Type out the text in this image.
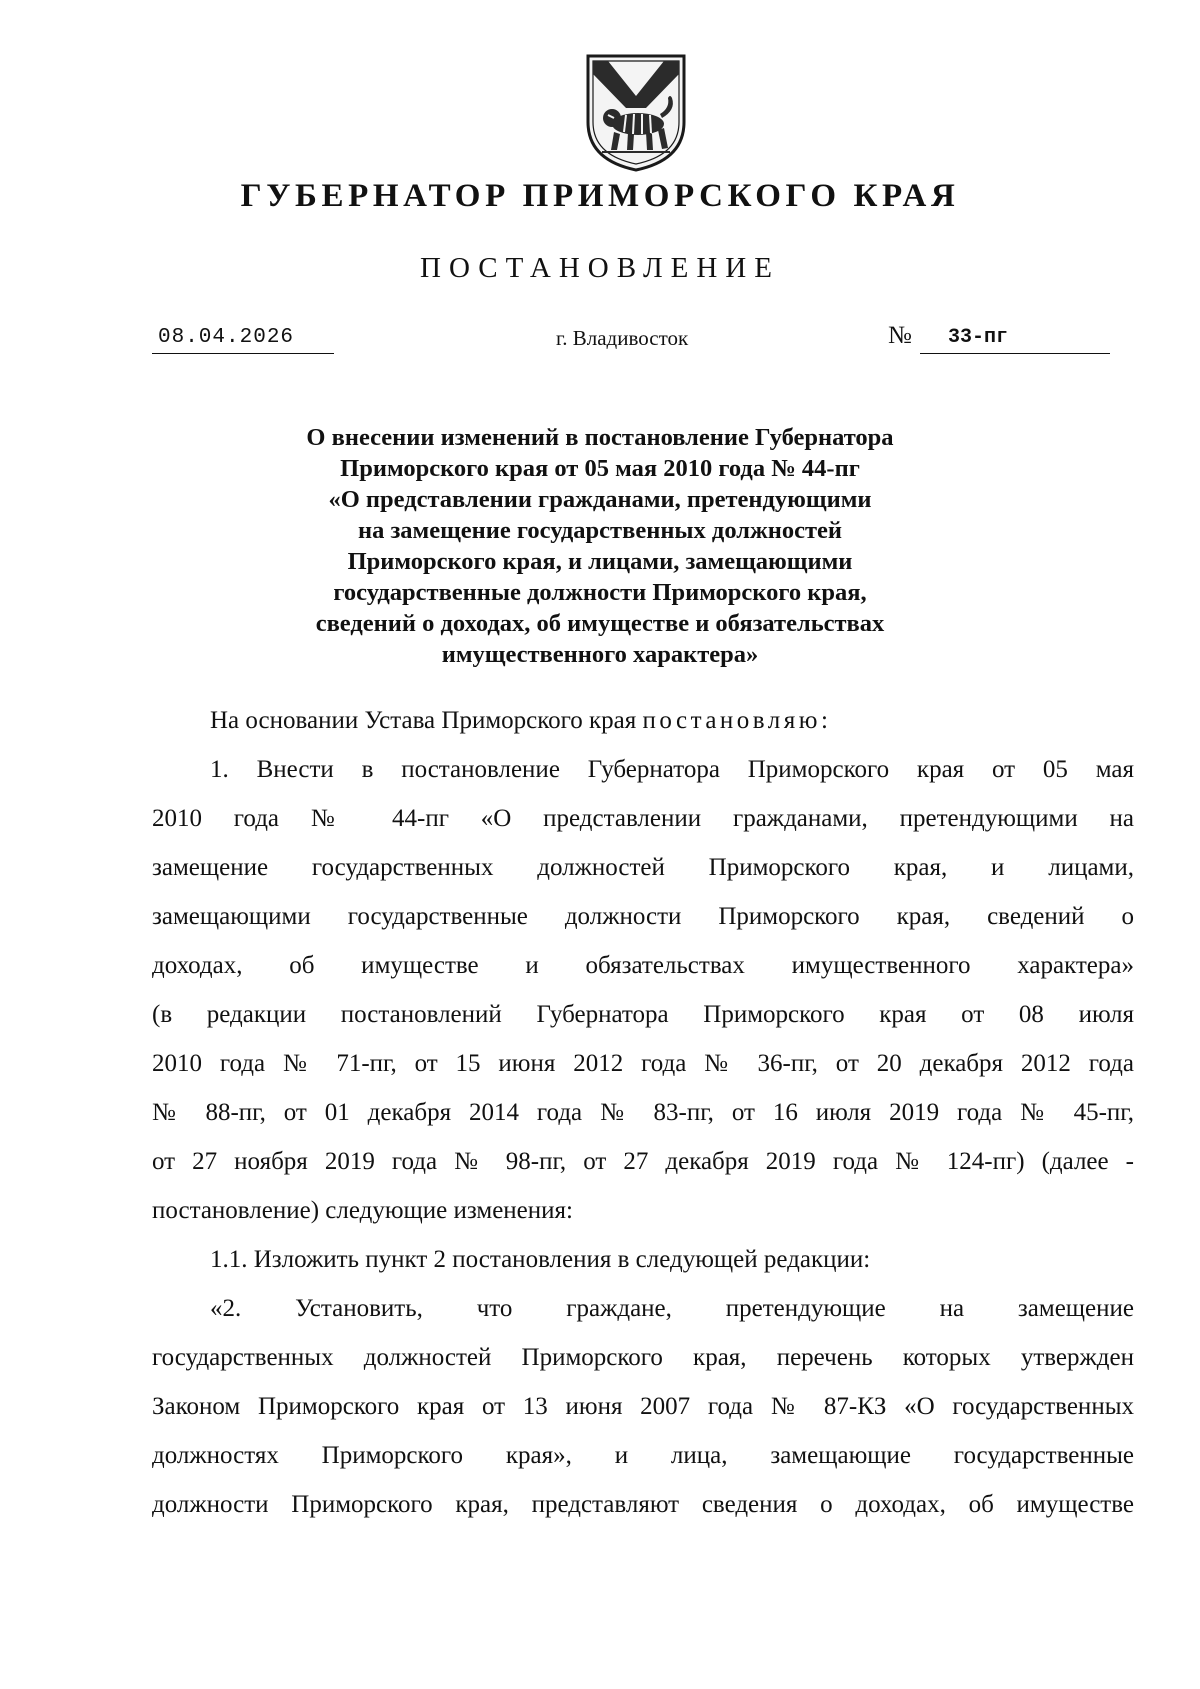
ГУБЕРНАТОР ПРИМОРСКОГО КРАЯ
ПОСТАНОВЛЕНИЕ
08.04.2026	г. Владивосток	№	33-пг
О внесении изменений в постановление Губернатора
Приморского края от 05 мая 2010 года № 44-пг
«О представлении гражданами, претендующими
на замещение государственных должностей
Приморского края, и лицами, замещающими
государственные должности Приморского края,
сведений о доходах, об имуществе и обязательствах
имущественного характера»
На основании Устава Приморского края постановляю:
1. Внести в постановление Губернатора Приморского края от 05 мая
2010 года № 44-пг «О представлении гражданами, претендующими на
замещение государственных должностей Приморского края, и лицами,
замещающими государственные должности Приморского края, сведений о
доходах, об имуществе и обязательствах имущественного характера»
(в редакции постановлений Губернатора Приморского края от 08 июля
2010 года № 71-пг, от 15 июня 2012 года № 36-пг, от 20 декабря 2012 года
№ 88-пг, от 01 декабря 2014 года № 83-пг, от 16 июля 2019 года № 45-пг,
от 27 ноября 2019 года № 98-пг, от 27 декабря 2019 года № 124-пг) (далее -
постановление) следующие изменения:
1.1. Изложить пункт 2 постановления в следующей редакции:
«2. Установить, что граждане, претендующие на замещение
государственных должностей Приморского края, перечень которых утвержден
Законом Приморского края от 13 июня 2007 года № 87-КЗ «О государственных
должностях Приморского края», и лица, замещающие государственные
должности Приморского края, представляют сведения о доходах, об имуществе
